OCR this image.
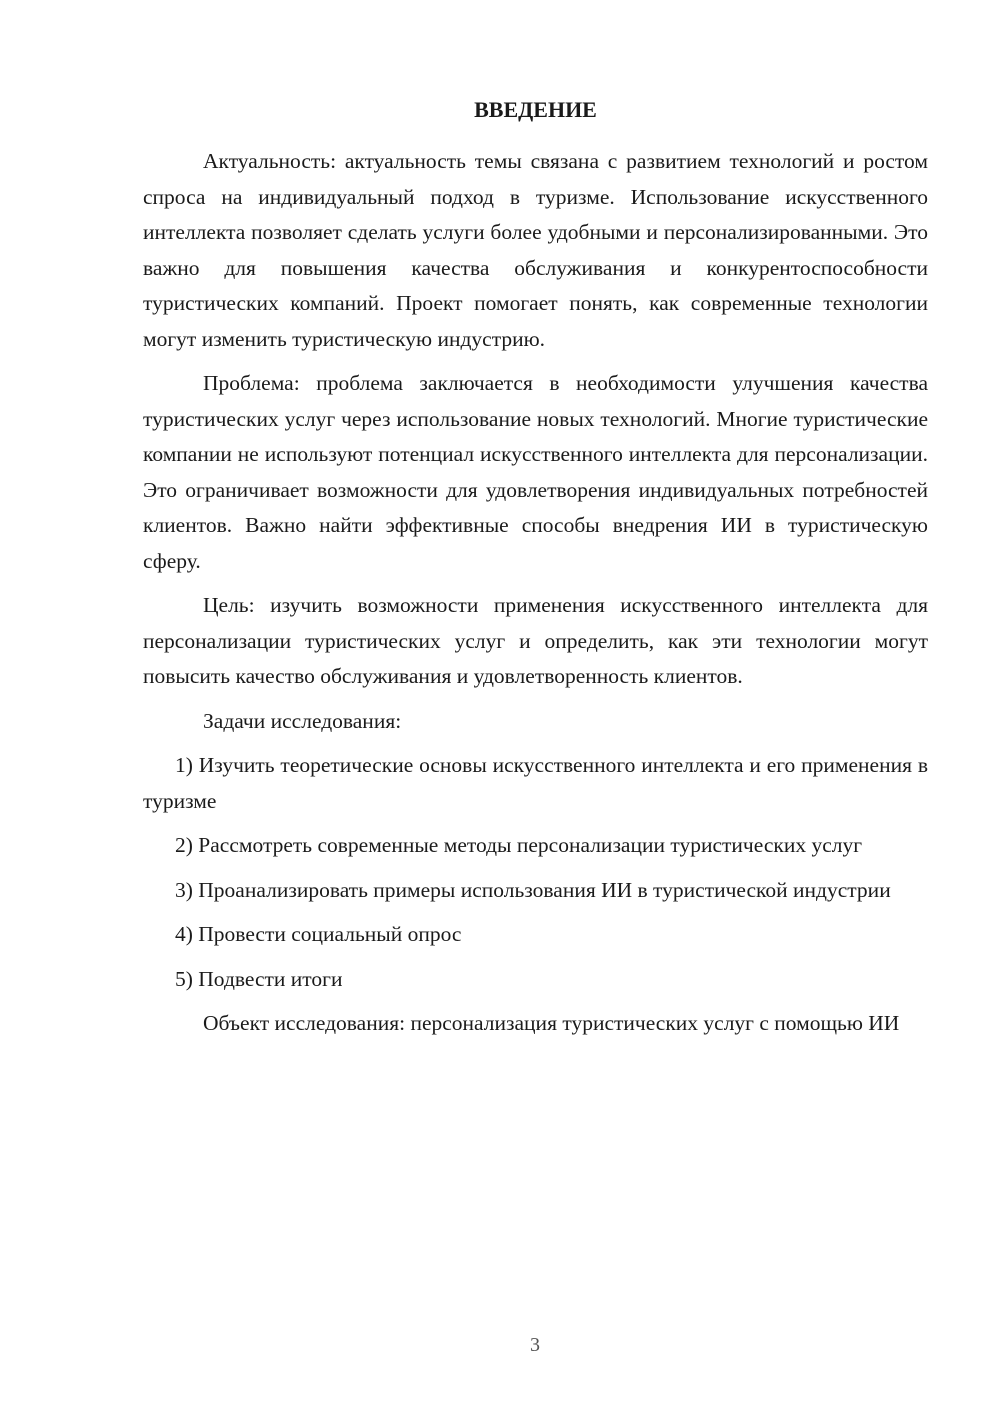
ВВЕДЕНИЕ
Актуальность: актуальность темы связана с развитием технологий и ростом спроса на индивидуальный подход в туризме. Использование искусственного интеллекта позволяет сделать услуги более удобными и персонализированными. Это важно для повышения качества обслуживания и конкурентоспособности туристических компаний. Проект помогает понять, как современные технологии могут изменить туристическую индустрию.
Проблема: проблема заключается в необходимости улучшения качества туристических услуг через использование новых технологий. Многие туристические компании не используют потенциал искусственного интеллекта для персонализации. Это ограничивает возможности для удовлетворения индивидуальных потребностей клиентов. Важно найти эффективные способы внедрения ИИ в туристическую сферу.
Цель: изучить возможности применения искусственного интеллекта для персонализации туристических услуг и определить, как эти технологии могут повысить качество обслуживания и удовлетворенность клиентов.
Задачи исследования:
1) Изучить теоретические основы искусственного интеллекта и его применения в туризме
2) Рассмотреть современные методы персонализации туристических услуг
3) Проанализировать примеры использования ИИ в туристической индустрии
4) Провести социальный опрос
5) Подвести итоги
Объект исследования: персонализация туристических услуг с помощью ИИ
3
